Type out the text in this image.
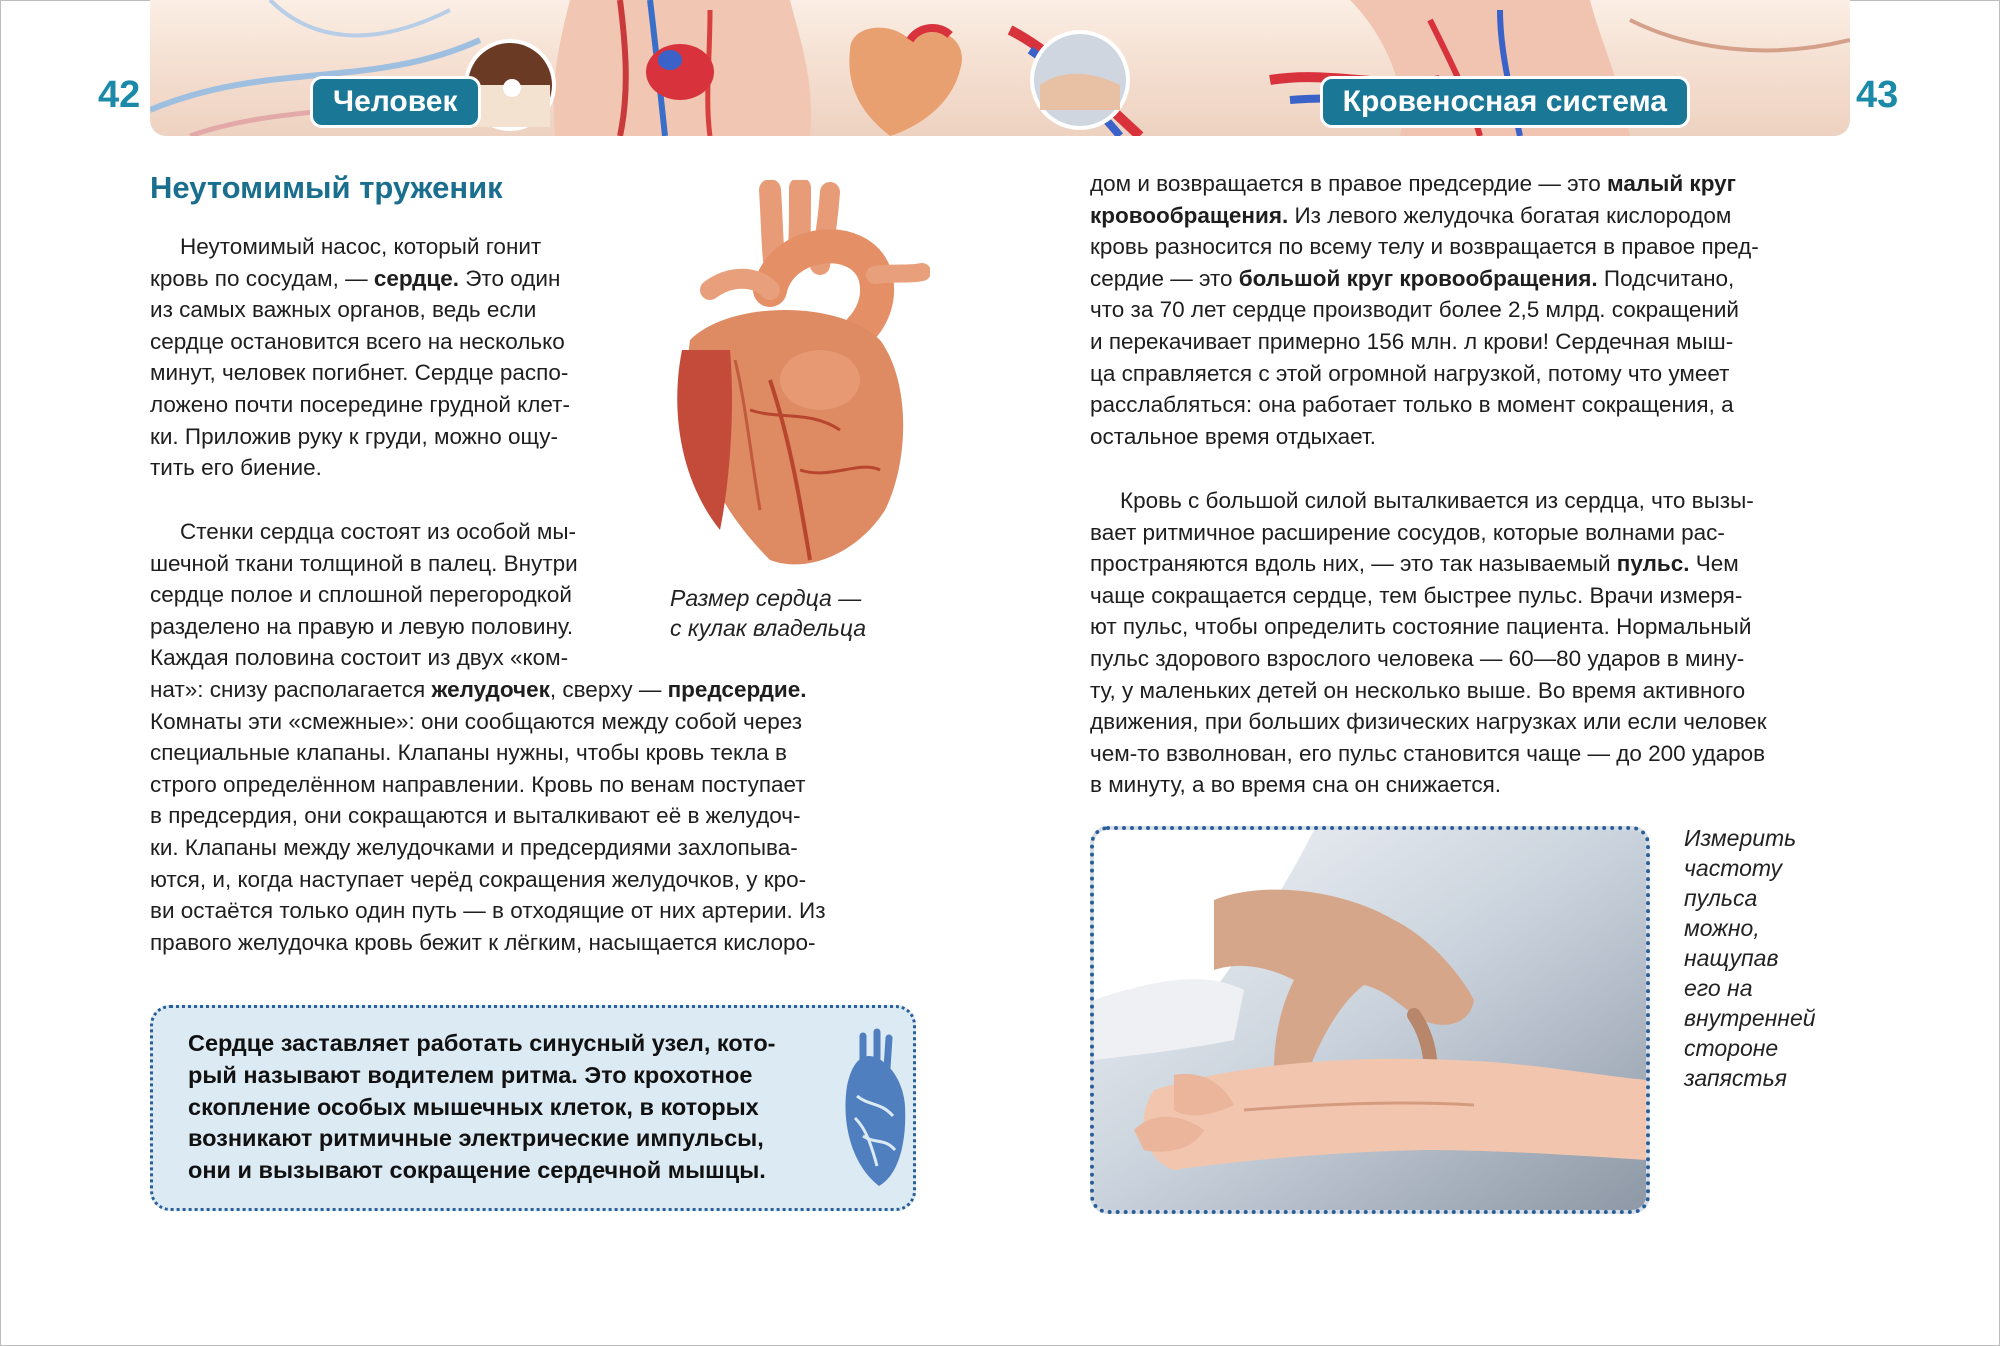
Человек	Кровеносная система
42	43
Неутомимый труженик
Неутомимый насос, который гонит
кровь по сосудам, — сердце. Это один
из самых важных органов, ведь если
сердце остановится всего на несколько
минут, человек погибнет. Сердце распо-
ложено почти посередине грудной клет-
ки. Приложив руку к груди, можно ощу-
тить его биение.
Стенки сердца состоят из особой мы-
шечной ткани толщиной в палец. Внутри
сердце полое и сплошной перегородкой
разделено на правую и левую половину.
Каждая половина состоит из двух «ком-
нат»: снизу располагается желудочек, сверху — предсердие.
Комнаты эти «смежные»: они сообщаются между собой через
специальные клапаны. Клапаны нужны, чтобы кровь текла в
строго определённом направлении. Кровь по венам поступает
в предсердия, они сокращаются и выталкивают её в желудоч-
ки. Клапаны между желудочками и предсердиями захлопыва-
ются, и, когда наступает черёд сокращения желудочков, у кро-
ви остаётся только один путь — в отходящие от них артерии. Из
правого желудочка кровь бежит к лёгким, насыщается кислоро-
Размер сердца —
с кулак владельца
Сердце заставляет работать синусный узел, кото-
рый называют водителем ритма. Это крохотное
скопление особых мышечных клеток, в которых
возникают ритмичные электрические импульсы,
они и вызывают сокращение сердечной мышцы.
дом и возвращается в правое предсердие — это малый круг
кровообращения. Из левого желудочка богатая кислородом
кровь разносится по всему телу и возвращается в правое пред-
сердие — это большой круг кровообращения. Подсчитано,
что за 70 лет сердце производит более 2,5 млрд. сокращений
и перекачивает примерно 156 млн. л крови! Сердечная мыш-
ца справляется с этой огромной нагрузкой, потому что умеет
расслабляться: она работает только в момент сокращения, а
остальное время отдыхает.
Кровь с большой силой выталкивается из сердца, что вызы-
вает ритмичное расширение сосудов, которые волнами рас-
пространяются вдоль них, — это так называемый пульс. Чем
чаще сокращается сердце, тем быстрее пульс. Врачи измеря-
ют пульс, чтобы определить состояние пациента. Нормальный
пульс здорового взрослого человека — 60—80 ударов в мину-
ту, у маленьких детей он несколько выше. Во время активного
движения, при больших физических нагрузках или если человек
чем-то взволнован, его пульс становится чаще — до 200 ударов
в минуту, а во время сна он снижается.
Измерить
частоту
пульса
можно,
нащупав
его на
внутренней
стороне
запястья
